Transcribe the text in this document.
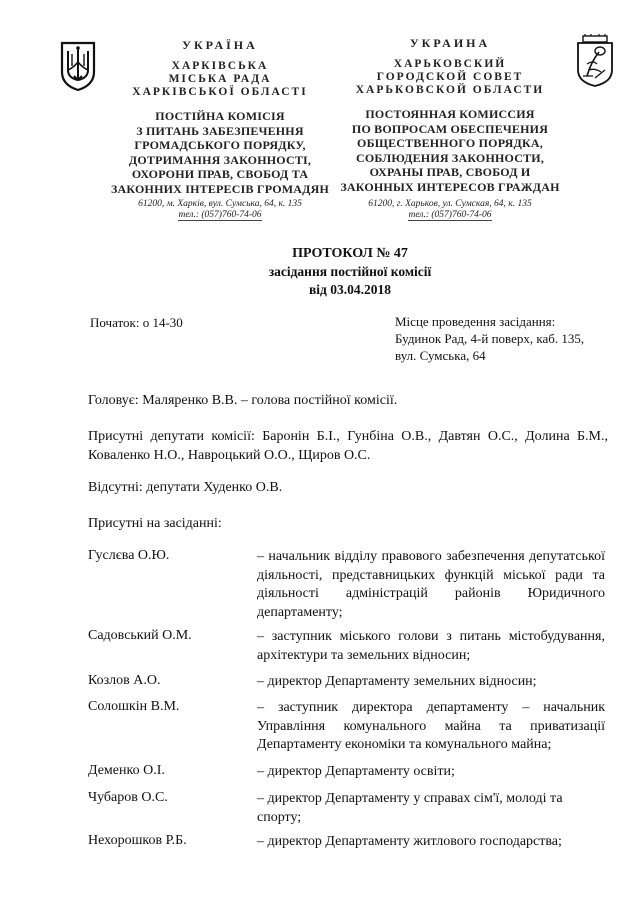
УКРАЇНА
ХАРКІВСЬКА
МІСЬКА РАДА
ХАРКІВСЬКОЇ ОБЛАСТІ
ПОСТІЙНА КОМІСІЯ
З ПИТАНЬ ЗАБЕЗПЕЧЕННЯ
ГРОМАДСЬКОГО ПОРЯДКУ,
ДОТРИМАННЯ ЗАКОННОСТІ,
ОХОРОНИ ПРАВ, СВОБОД ТА
ЗАКОННИХ ІНТЕРЕСІВ ГРОМАДЯН
61200, м. Харків, вул. Сумська, 64, к. 135
тел.: (057)760-74-06
УКРАИНА
ХАРЬКОВСКИЙ
ГОРОДСКОЙ СОВЕТ
ХАРЬКОВСКОЙ ОБЛАСТИ
ПОСТОЯННАЯ КОМИССИЯ
ПО ВОПРОСАМ ОБЕСПЕЧЕНИЯ
ОБЩЕСТВЕННОГО ПОРЯДКА,
СОБЛЮДЕНИЯ ЗАКОННОСТИ,
ОХРАНЫ ПРАВ, СВОБОД И
ЗАКОННЫХ ИНТЕРЕСОВ ГРАЖДАН
61200, г. Харьков, ул. Сумская, 64, к. 135
тел.: (057)760-74-06
ПРОТОКОЛ № 47
засідання постійної комісії
від 03.04.2018
Початок: о 14-30	Місце проведення засідання:
Будинок Рад, 4-й поверх, каб. 135,
вул. Сумська, 64
Головує: Маляренко В.В. – голова постійної комісії.
Присутні депутати комісії: Баронін Б.І., Гунбіна О.В., Давтян О.С., Долина Б.М., Коваленко Н.О., Навроцький О.О., Щиров О.С.
Відсутні: депутати Худенко О.В.
Присутні на засіданні:
Гуслєва О.Ю.	– начальник відділу правового забезпечення депутатської діяльності, представницьких функцій міської ради та діяльності адміністрацій районів Юридичного департаменту;
Садовський О.М.	– заступник міського голови з питань містобудування, архітектури та земельних відносин;
Козлов А.О.	– директор Департаменту земельних відносин;
Солошкін В.М.	– заступник директора департаменту – начальник Управління комунального майна та приватизації Департаменту економіки та комунального майна;
Деменко О.І.	– директор Департаменту освіти;
Чубаров О.С.	– директор Департаменту у справах сім'ї, молоді та спорту;
Нехорошков Р.Б.	– директор Департаменту житлового господарства;
